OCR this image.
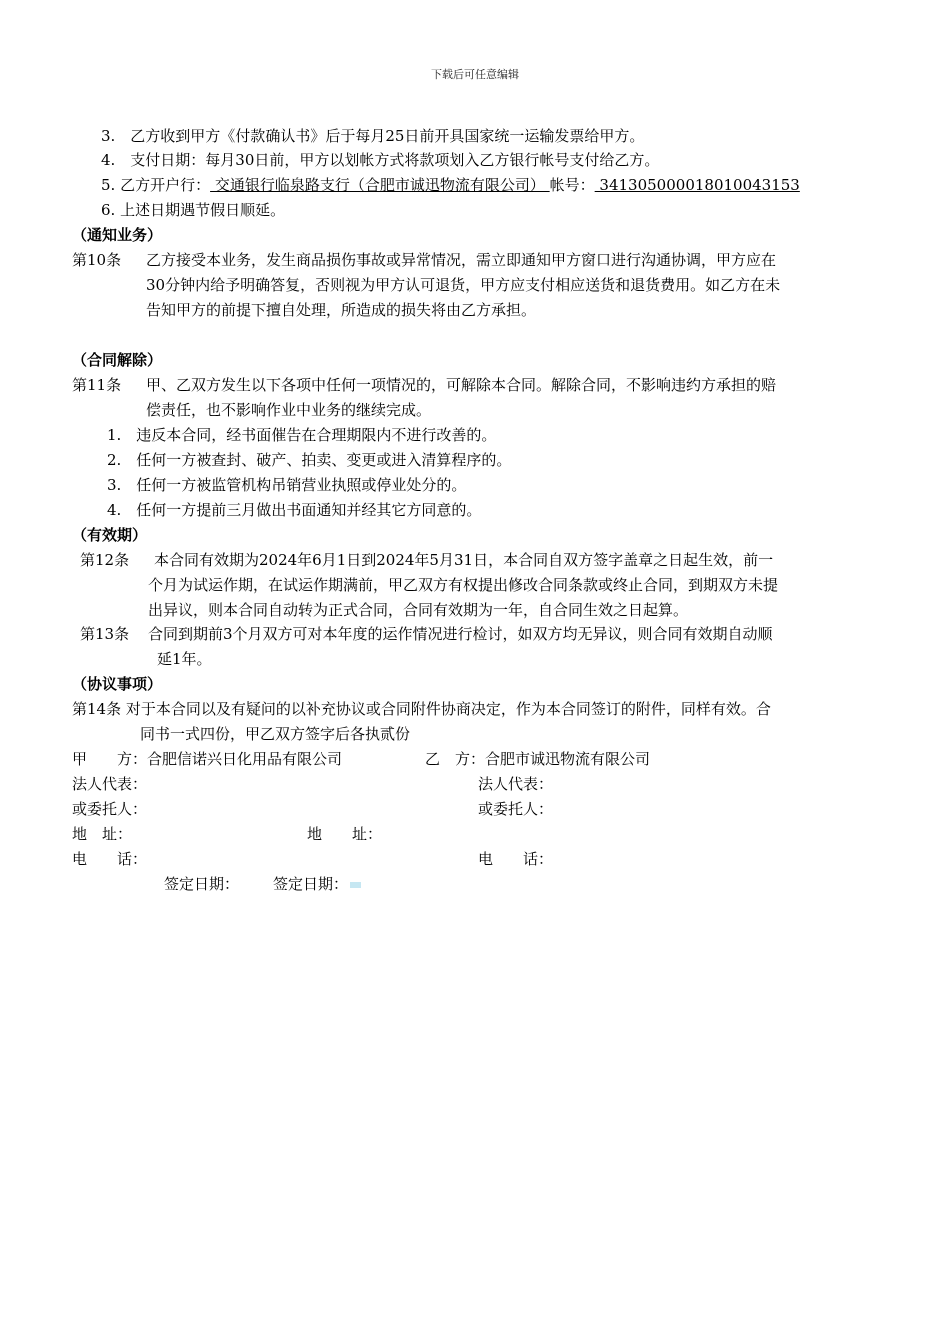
下载后可任意编辑
3.　乙方收到甲方《付款确认书》后于每月25日前开具国家统一运输发票给甲方。
4.　支付日期：每月30日前，甲方以划帐方式将款项划入乙方银行帐号支付给乙方。
5. 乙方开户行： 交通银行临泉路支行（合肥市诚迅物流有限公司） 帐号： 341305000018010043153
6. 上述日期遇节假日顺延。
（通知业务）
第10条 乙方接受本业务，发生商品损伤事故或异常情况，需立即通知甲方窗口进行沟通协调，甲方应在
30分钟内给予明确答复，否则视为甲方认可退货，甲方应支付相应送货和退货费用。如乙方在未
告知甲方的前提下擅自处理，所造成的损失将由乙方承担。
（合同解除）
第11条 甲、乙双方发生以下各项中任何一项情况的，可解除本合同。解除合同，不影响违约方承担的赔
偿责任，也不影响作业中业务的继续完成。
1.　违反本合同，经书面催告在合理期限内不进行改善的。
2.　任何一方被查封、破产、拍卖、变更或进入清算程序的。
3.　任何一方被监管机构吊销营业执照或停业处分的。
4.　任何一方提前三月做出书面通知并经其它方同意的。
（有效期）
第12条 本合同有效期为2024年6月1日到2024年5月31日，本合同自双方签字盖章之日起生效，前一
个月为试运作期，在试运作期满前，甲乙双方有权提出修改合同条款或终止合同，到期双方未提
出异议，则本合同自动转为正式合同，合同有效期为一年，自合同生效之日起算。
第13条 合同到期前3个月双方可对本年度的运作情况进行检讨，如双方均无异议，则合同有效期自动顺
延1年。
（协议事项）
第14条 对于本合同以及有疑问的以补充协议或合同附件协商决定，作为本合同签订的附件，同样有效。合
同书一式四份，甲乙双方签字后各执贰份
甲　　方：合肥信诺兴日化用品有限公司	乙　方：合肥市诚迅物流有限公司
法人代表：	法人代表：
或委托人：	或委托人：
地　址：	地　　址：
电　　话：	电　　话：
签定日期： 签定日期：
